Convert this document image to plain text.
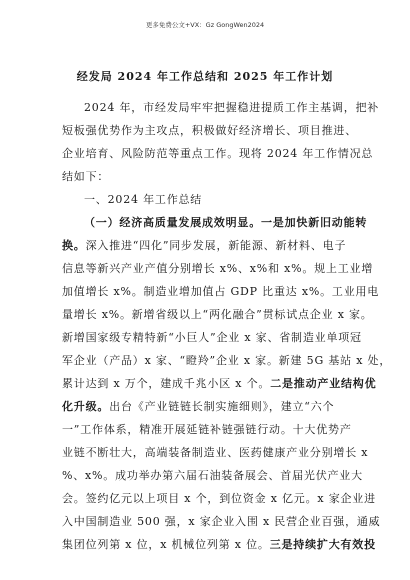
更多免费公文+VX：Gz GongWen2024
经发局 2024 年工作总结和 2025 年工作计划
2024 年，市经发局牢牢把握稳进提质工作主基调，把补
短板强优势作为主攻点，积极做好经济增长、项目推进、
企业培育、风险防范等重点工作。现将 2024 年工作情况总
结如下：
一、2024 年工作总结
（一）经济高质量发展成效明显。一是加快新旧动能转
换。深入推进“四化”同步发展，新能源、新材料、电子
信息等新兴产业产值分别增长 x%、x%和 x%。规上工业增
加值增长 x%。制造业增加值占 GDP 比重达 x%。工业用电
量增长 x%。新增省级以上“两化融合”贯标试点企业 x 家。
新增国家级专精特新“小巨人”企业 x 家、省制造业单项冠
军企业（产品）x 家、“瞪羚”企业 x 家。新建 5G 基站 x 处，
累计达到 x 万个，建成千兆小区 x 个。二是推动产业结构优
化升级。出台《产业链链长制实施细则》，建立“六个
一”工作体系，精准开展延链补链强链行动。十大优势产
业链不断壮大，高端装备制造业、医药健康产业分别增长 x
%、x%。成功举办第六届石油装备展会、首届光伏产业大
会。签约亿元以上项目 x 个，到位资金 x 亿元。x 家企业进
入中国制造业 500 强，x 家企业入围 x 民营企业百强，通威
集团位列第 x 位，x 机械位列第 x 位。三是持续扩大有效投
